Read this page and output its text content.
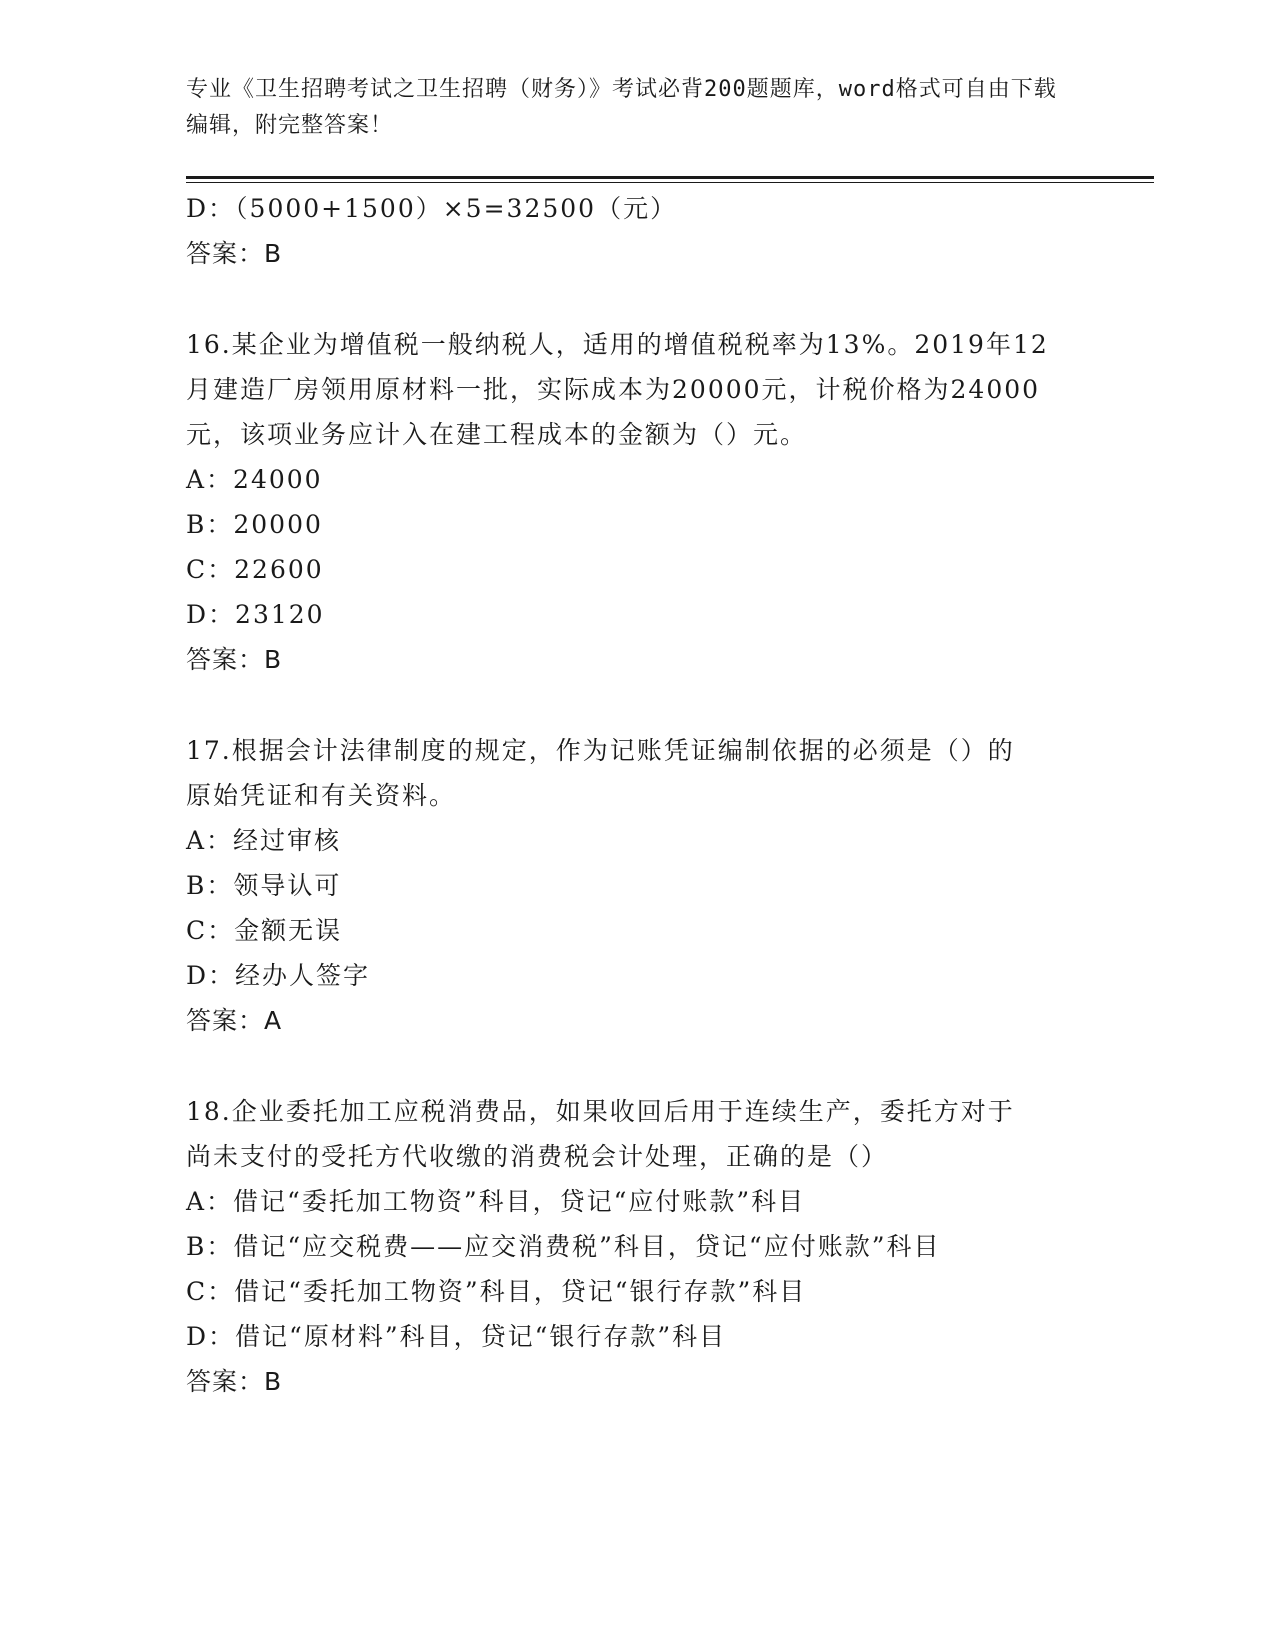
专业《卫生招聘考试之卫生招聘（财务）》考试必背200题题库，word格式可自由下载编辑，附完整答案！
D：（5000+1500）×5=32500（元）
答案：B
16.某企业为增值税一般纳税人，适用的增值税税率为13%。2019年12
月建造厂房领用原材料一批，实际成本为20000元，计税价格为24000
元，该项业务应计入在建工程成本的金额为（）元。
A：24000
B：20000
C：22600
D：23120
答案：B
17.根据会计法律制度的规定，作为记账凭证编制依据的必须是（）的
原始凭证和有关资料。
A：经过审核
B：领导认可
C：金额无误
D：经办人签字
答案：A
18.企业委托加工应税消费品，如果收回后用于连续生产，委托方对于
尚未支付的受托方代收缴的消费税会计处理，正确的是（）
A：借记“委托加工物资”科目，贷记“应付账款”科目
B：借记“应交税费——应交消费税”科目，贷记“应付账款”科目
C：借记“委托加工物资”科目，贷记“银行存款”科目
D：借记“原材料”科目，贷记“银行存款”科目
答案：B
